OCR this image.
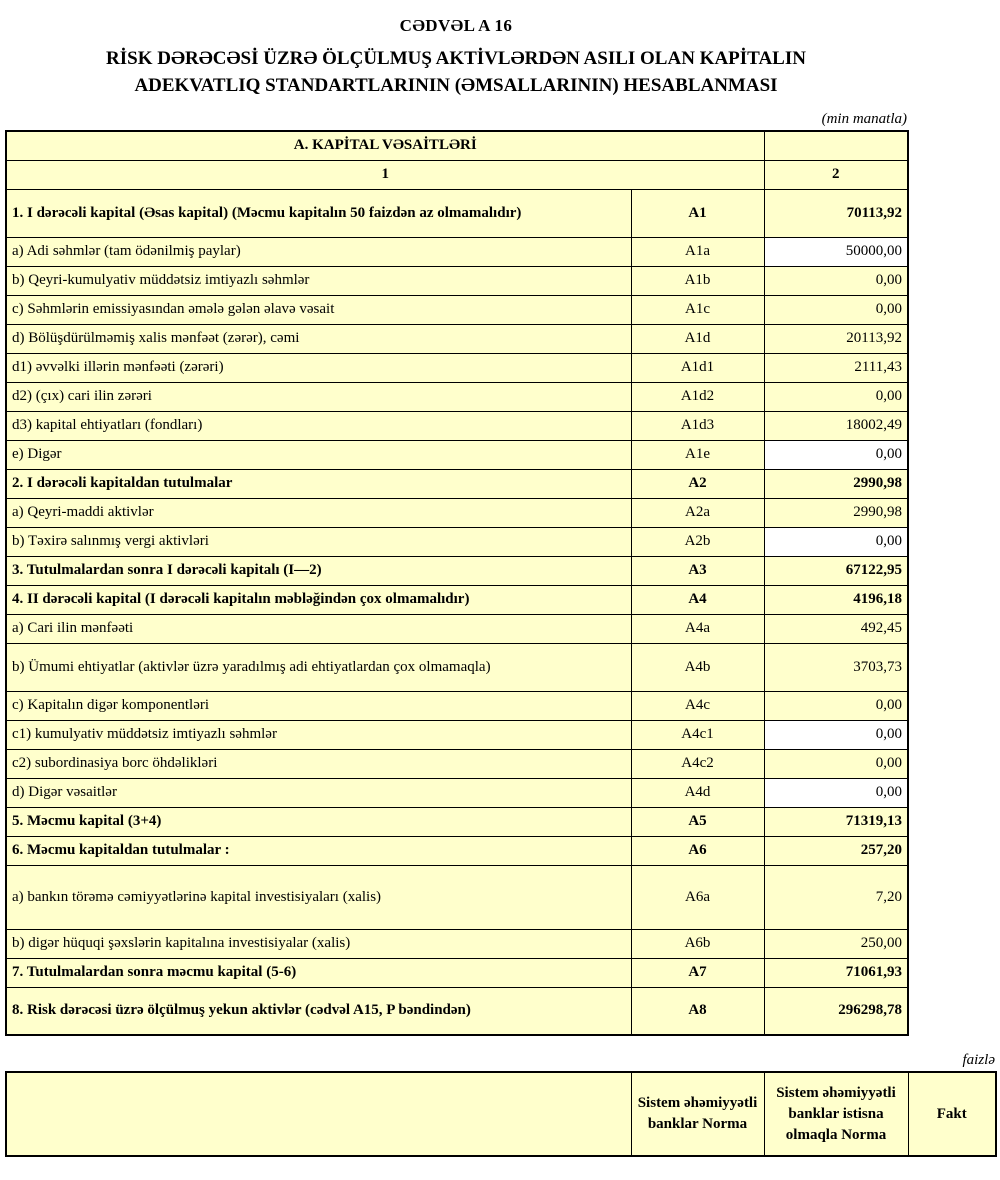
CƏDVƏL A 16
RİSK DƏRƏCƏSİ ÜZRƏ ÖLÇÜLMUŞ AKTİVLƏRDƏN ASILI OLAN KAPİTALIN
ADEKVATLIQ STANDARTLARININ (ƏMSALLARININ) HESABLANMASI
(min manatla)
A. KAPİTAL VƏSAİTLƏRİ		
1		2
1. I dərəcəli kapital (Əsas kapital) (Məcmu kapitalın 50 faizdən az olmamalıdır)	A1	70113,92
a) Adi səhmlər (tam ödənilmiş paylar)	A1a	50000,00
b) Qeyri-kumulyativ müddətsiz imtiyazlı səhmlər	A1b	0,00
c) Səhmlərin emissiyasından əmələ gələn əlavə vəsait	A1c	0,00
d) Bölüşdürülməmiş xalis mənfəət (zərər), cəmi	A1d	20113,92
d1) əvvəlki illərin mənfəəti (zərəri)	A1d1	2111,43
d2) (çıx) cari ilin zərəri	A1d2	0,00
d3) kapital ehtiyatları (fondları)	A1d3	18002,49
e) Digər	A1e	0,00
2. I dərəcəli kapitaldan tutulmalar	A2	2990,98
a) Qeyri-maddi aktivlər	A2a	2990,98
b) Təxirə salınmış vergi aktivləri	A2b	0,00
3. Tutulmalardan sonra I dərəcəli kapitalı (I—2)	A3	67122,95
4. II dərəcəli kapital (I dərəcəli kapitalın məbləğindən çox olmamalıdır)	A4	4196,18
a) Cari ilin mənfəəti	A4a	492,45
b) Ümumi ehtiyatlar (aktivlər üzrə yaradılmış adi ehtiyatlardan çox olmamaqla)	A4b	3703,73
c) Kapitalın digər komponentləri	A4c	0,00
c1) kumulyativ müddətsiz imtiyazlı səhmlər	A4c1	0,00
c2) subordinasiya borc öhdəlikləri	A4c2	0,00
d) Digər vəsaitlər	A4d	0,00
5. Məcmu kapital (3+4)	A5	71319,13
6. Məcmu kapitaldan tutulmalar :	A6	257,20
a) bankın törəmə cəmiyyətlərinə kapital investisiyaları (xalis)	A6a	7,20
b) digər hüquqi şəxslərin kapitalına investisiyalar (xalis)	A6b	250,00
7. Tutulmalardan sonra məcmu kapital (5-6)	A7	71061,93
8. Risk dərəcəsi üzrə ölçülmuş yekun aktivlər (cədvəl A15, P bəndindən)	A8	296298,78
faizlə
	Sistem əhəmiyyətli banklar Norma	Sistem əhəmiyyətli banklar istisna olmaqla Norma	Fakt
